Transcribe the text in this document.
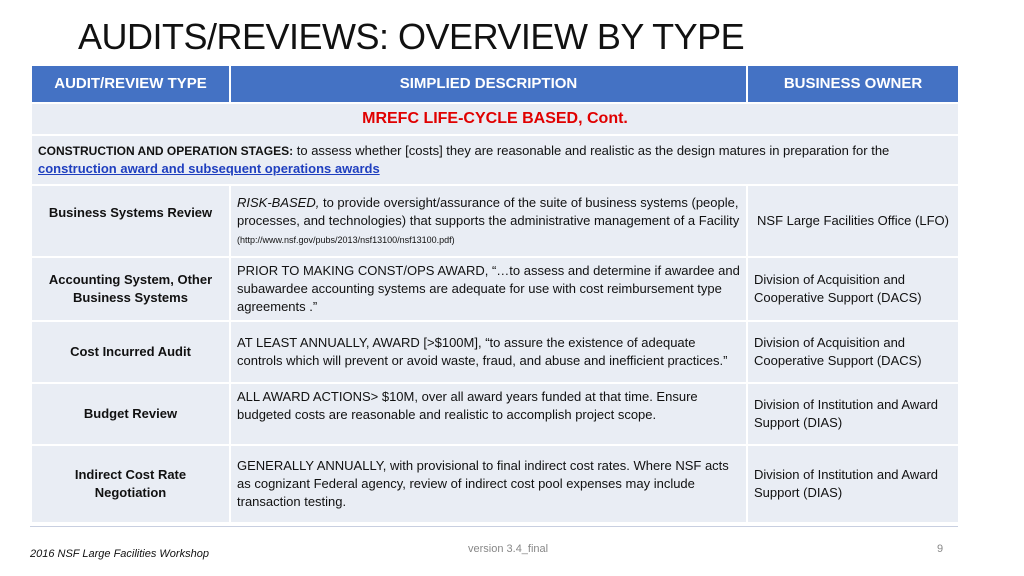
AUDITS/REVIEWS: OVERVIEW BY TYPE
AUDIT/REVIEW TYPE	SIMPLIED DESCRIPTION	BUSINESS OWNER
MREFC LIFE-CYCLE BASED, Cont.		
CONSTRUCTION AND OPERATION STAGES: to assess whether [costs] they are reasonable and realistic as the design matures in preparation for the construction award and subsequent operations awards		
Business Systems Review	RISK-BASED, to provide oversight/assurance of the suite of business systems (people, processes, and technologies) that supports the administrative management of a Facility (http://www.nsf.gov/pubs/2013/nsf13100/nsf13100.pdf)	NSF Large Facilities Office (LFO)
Accounting System, Other Business Systems	PRIOR TO MAKING CONST/OPS AWARD, “…to assess and determine if awardee and subawardee accounting systems are adequate for use with cost reimbursement type agreements .”	Division of Acquisition and Cooperative Support (DACS)
Cost Incurred Audit	AT LEAST ANNUALLY, AWARD [>$100M], “to assure the existence of adequate controls which will prevent or avoid waste, fraud, and abuse and inefficient practices.”	Division of Acquisition and Cooperative Support (DACS)
Budget Review	ALL AWARD ACTIONS> $10M, over all award years funded at that time. Ensure budgeted costs are reasonable and realistic to accomplish project scope.	Division of Institution and Award Support (DIAS)
Indirect Cost Rate Negotiation	GENERALLY ANNUALLY, with provisional to final indirect cost rates. Where NSF acts as cognizant Federal agency, review of indirect cost pool expenses may include transaction testing.	Division of Institution and Award Support (DIAS)
2016 NSF Large Facilities Workshop	version 3.4_final	9
